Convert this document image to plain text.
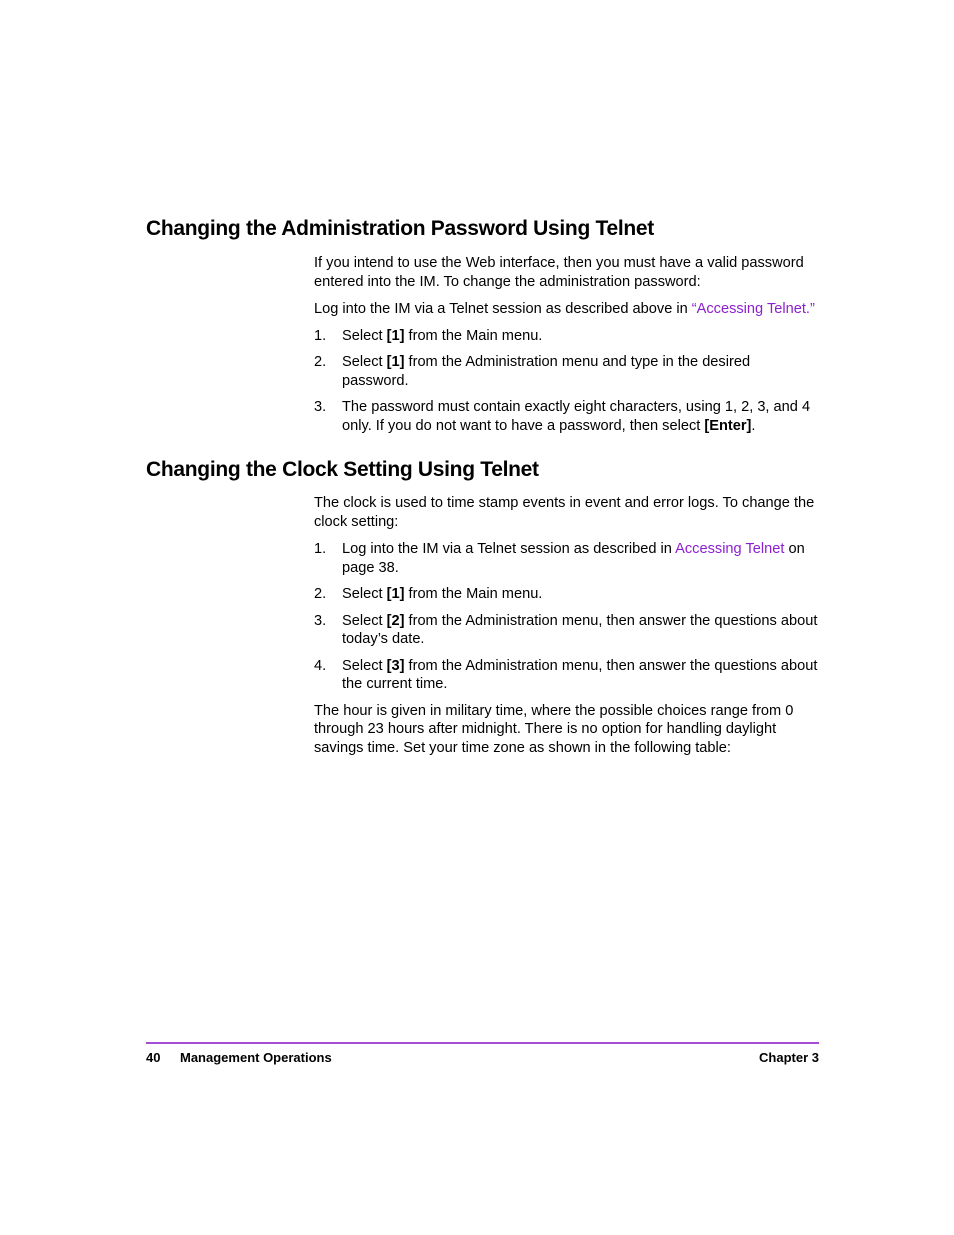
Changing the Administration Password Using Telnet

If you intend to use the Web interface, then you must have a valid password entered into the IM. To change the administration password:

Log into the IM via a Telnet session as described above in “Accessing Telnet.”

1. Select [1] from the Main menu.
2. Select [1] from the Administration menu and type in the desired password.
3. The password must contain exactly eight characters, using 1, 2, 3, and 4 only. If you do not want to have a password, then select [Enter].
Changing the Clock Setting Using Telnet

The clock is used to time stamp events in event and error logs. To change the clock setting:

1. Log into the IM via a Telnet session as described in Accessing Telnet on page 38.
2. Select [1] from the Main menu.
3. Select [2] from the Administration menu, then answer the questions about today’s date.
4. Select [3] from the Administration menu, then answer the questions about the current time.

The hour is given in military time, where the possible choices range from 0 through 23 hours after midnight. There is no option for handling daylight savings time. Set your time zone as shown in the following table:

40 Management Operations	Chapter 3
